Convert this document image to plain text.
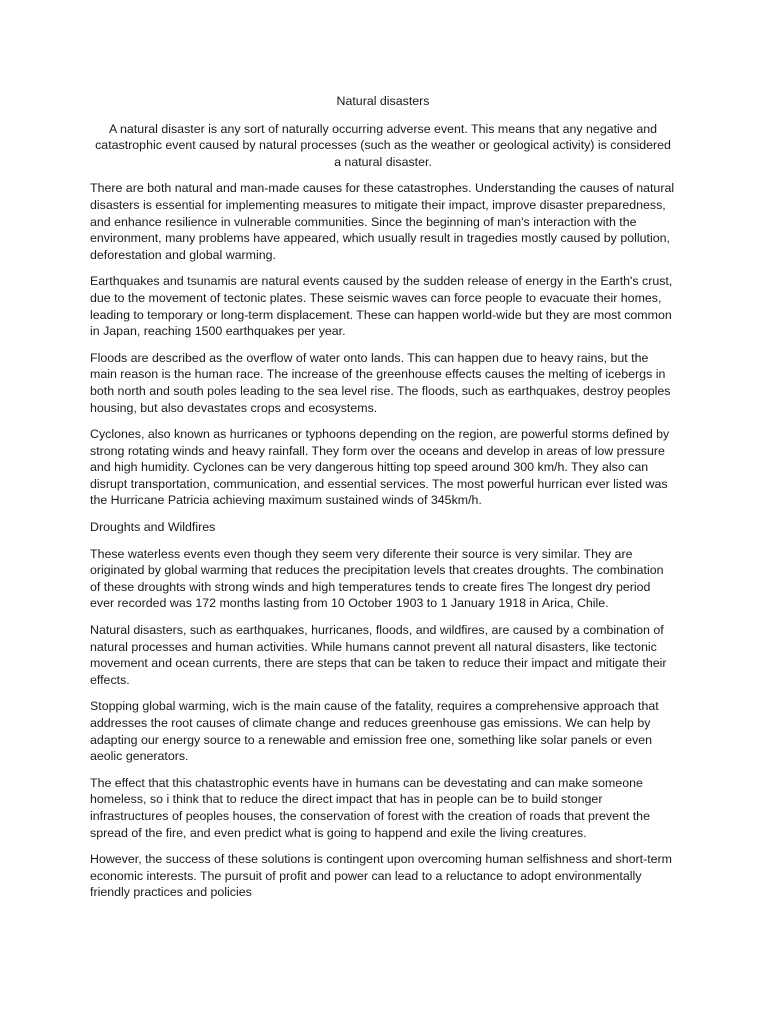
Natural disasters

A natural disaster is any sort of naturally occurring adverse event. This means that any negative and catastrophic event caused by natural processes (such as the weather or geological activity) is considered a natural disaster.

There are both natural and man-made causes for these catastrophes. Understanding the causes of natural disasters is essential for implementing measures to mitigate their impact, improve disaster preparedness, and enhance resilience in vulnerable communities. Since the beginning of man's interaction with the environment, many problems have appeared, which usually result in tragedies mostly caused by pollution, deforestation and global warming.

Earthquakes and tsunamis are natural events caused by the sudden release of energy in the Earth's crust, due to the movement of tectonic plates. These seismic waves can force people to evacuate their homes, leading to temporary or long-term displacement. These can happen world-wide but they are most common in Japan, reaching 1500 earthquakes per year.

Floods are described as the overflow of water onto lands. This can happen due to heavy rains, but the main reason is the human race. The increase of the greenhouse effects causes the melting of icebergs in both north and south poles leading to the sea level rise. The floods, such as earthquakes, destroy peoples housing, but also devastates crops and ecosystems.

Cyclones, also known as hurricanes or typhoons depending on the region, are powerful storms defined by strong rotating winds and heavy rainfall. They form over the oceans and develop in areas of low pressure and high humidity. Cyclones can be very dangerous hitting top speed around 300 km/h. They also can disrupt transportation, communication, and essential services. The most powerful hurrican ever listed was the Hurricane Patricia achieving maximum sustained winds of 345km/h.

Droughts and Wildfires

These waterless events even though they seem very diferente their source is very similar. They are originated by global warming that reduces the precipitation levels that creates droughts. The combination of these droughts with strong winds and high temperatures tends to create fires The longest dry period ever recorded was 172 months lasting from 10 October 1903 to 1 January 1918 in Arica, Chile.

Natural disasters, such as earthquakes, hurricanes, floods, and wildfires, are caused by a combination of natural processes and human activities. While humans cannot prevent all natural disasters, like tectonic movement and ocean currents, there are steps that can be taken to reduce their impact and mitigate their effects.

Stopping global warming, wich is the main cause of the fatality, requires a comprehensive approach that addresses the root causes of climate change and reduces greenhouse gas emissions. We can help by adapting our energy source to a renewable and emission free one, something like solar panels or even aeolic generators.

The effect that this chatastrophic events have in humans can be devestating and can make someone homeless, so i think that to reduce the direct impact that has in people can be to build stonger infrastructures of peoples houses, the conservation of forest with the creation of roads that prevent the spread of the fire, and even predict what is going to happend and exile the living creatures.

However, the success of these solutions is contingent upon overcoming human selfishness and short-term economic interests. The pursuit of profit and power can lead to a reluctance to adopt environmentally friendly practices and policies
